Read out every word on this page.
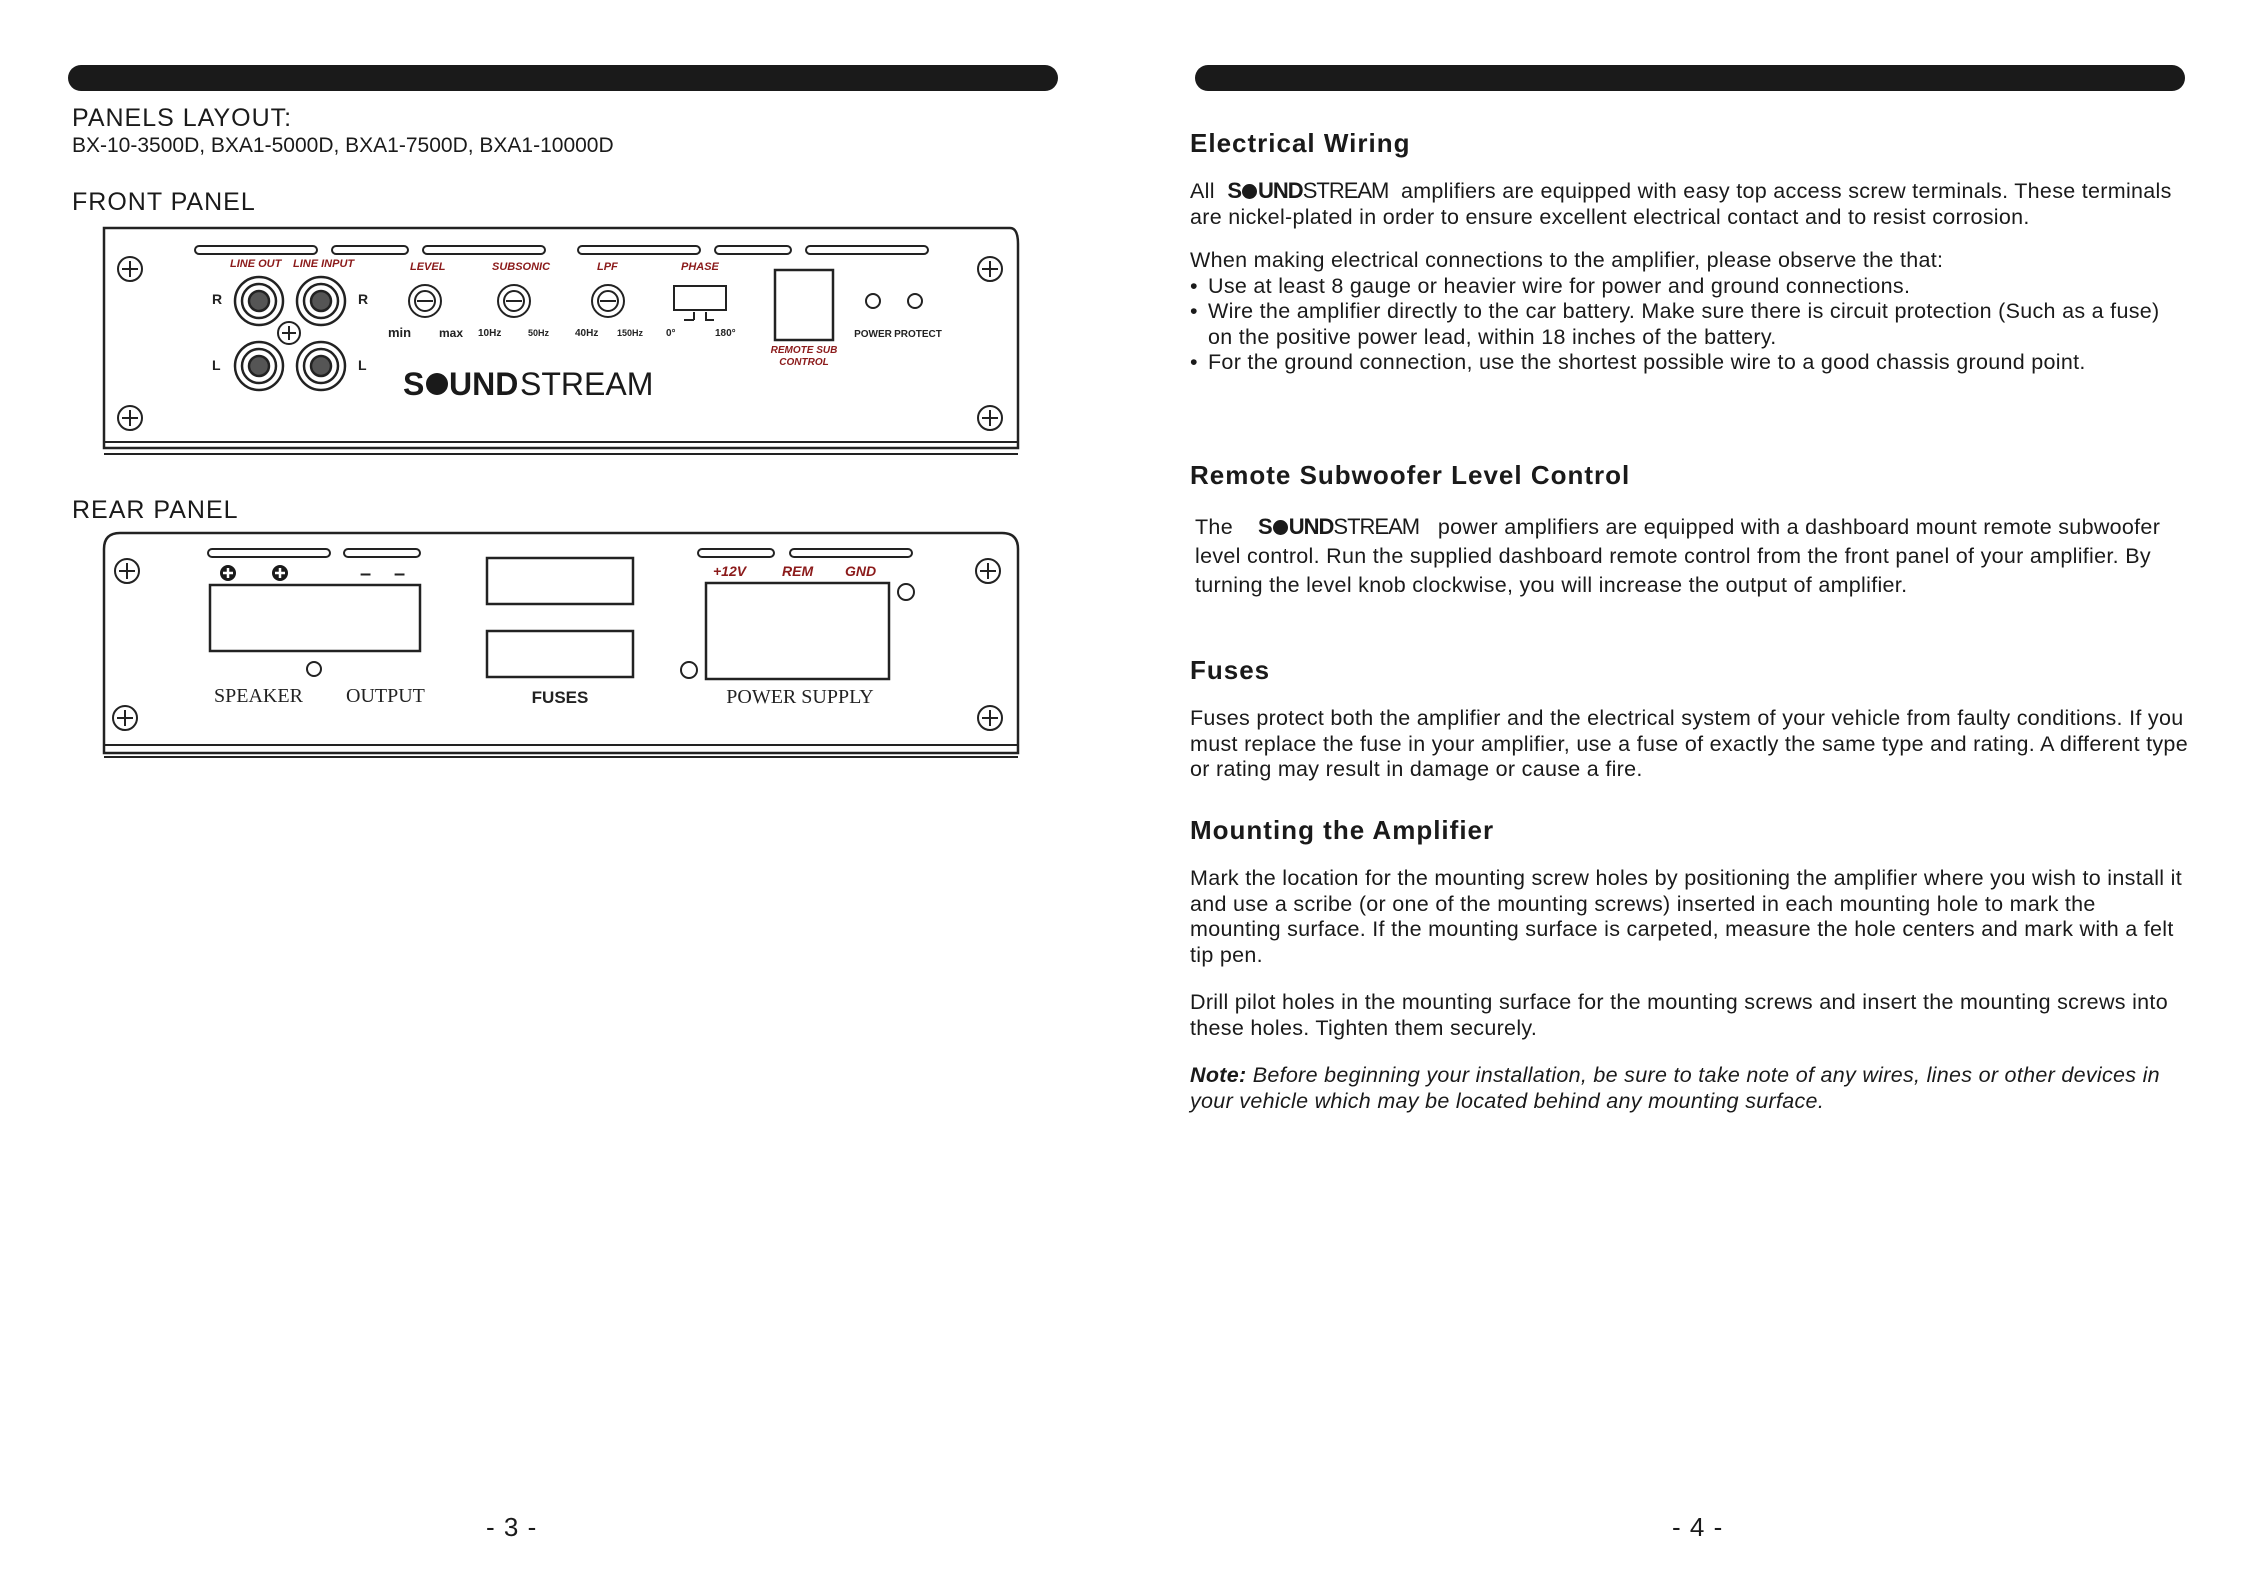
PANELS LAYOUT:
BX-10-3500D, BXA1-5000D, BXA1-7500D, BXA1-10000D
FRONT PANEL
LINE OUT LINE INPUT
R	R
L	L
LEVEL	SUBSONIC	LPF	PHASE
min max 10Hz	50Hz	40Hz 150Hz 0°	180°
REMOTE SUB
CONTROL
POWER PROTECT
S UND STREAM
REAR PANEL
– –
SPEAKER OUTPUT	FUSES
+12V	REM GND
POWER SUPPLY
- 3 -
Electrical Wiring

All S UNDSTREAM amplifiers are equipped with easy top access screw terminals. These terminals are nickel-plated in order to ensure excellent electrical contact and to resist corrosion.

When making electrical connections to the amplifier, please observe the that:

• Use at least 8 gauge or heavier wire for power and ground connections.
• Wire the amplifier directly to the car battery. Make sure there is circuit protection (Such as a fuse) on the positive power lead, within 18 inches of the battery.
• For the ground connection, use the shortest possible wire to a good chassis ground point.
Remote Subwoofer Level Control

The S UNDSTREAM power amplifiers are equipped with a dashboard mount remote subwoofer level control. Run the supplied dashboard remote control from the front panel of your amplifier. By turning the level knob clockwise, you will increase the output of amplifier.

Fuses

Fuses protect both the amplifier and the electrical system of your vehicle from faulty conditions. If you must replace the fuse in your amplifier, use a fuse of exactly the same type and rating. A different type or rating may result in damage or cause a fire.

Mounting the Amplifier

Mark the location for the mounting screw holes by positioning the amplifier where you wish to install it and use a scribe (or one of the mounting screws) inserted in each mounting hole to mark the mounting surface. If the mounting surface is carpeted, measure the hole centers and mark with a felt tip pen.

Drill pilot holes in the mounting surface for the mounting screws and insert the mounting screws into these holes. Tighten them securely.

Note: Before beginning your installation, be sure to take note of any wires, lines or other devices in your vehicle which may be located behind any mounting surface.

- 4 -
